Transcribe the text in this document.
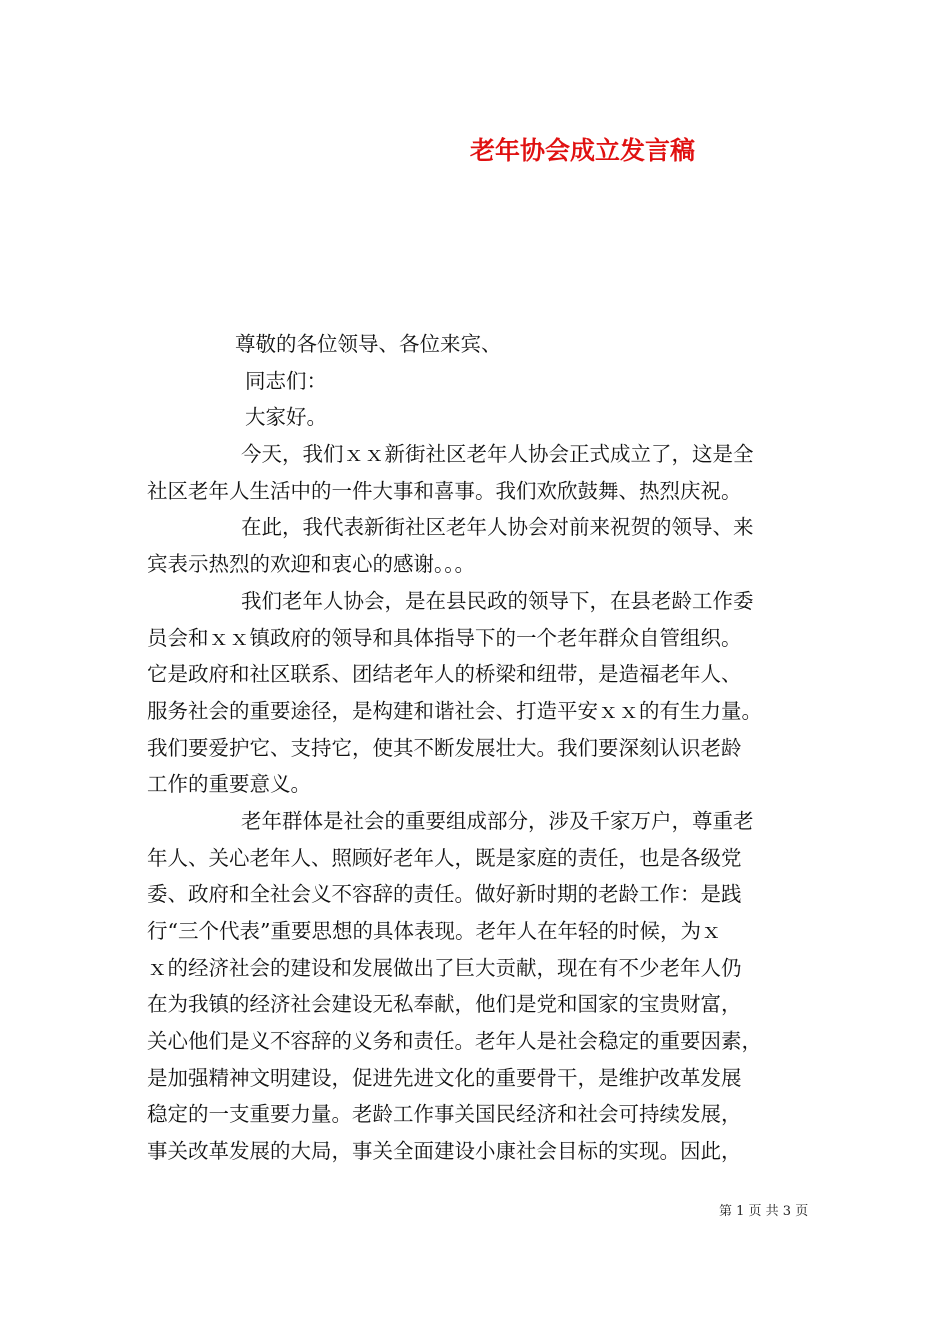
老年协会成立发言稿
尊敬的各位领导、各位来宾、
同志们：
大家好。
今天，我们ｘｘ新街社区老年人协会正式成立了，这是全
社区老年人生活中的一件大事和喜事。我们欢欣鼓舞、热烈庆祝。
在此，我代表新街社区老年人协会对前来祝贺的领导、来
宾表示热烈的欢迎和衷心的感谢。。。
我们老年人协会，是在县民政的领导下，在县老龄工作委
员会和ｘｘ镇政府的领导和具体指导下的一个老年群众自管组织。
它是政府和社区联系、团结老年人的桥梁和纽带，是造福老年人、
服务社会的重要途径，是构建和谐社会、打造平安ｘｘ的有生力量。
我们要爱护它、支持它，使其不断发展壮大。我们要深刻认识老龄
工作的重要意义。
老年群体是社会的重要组成部分，涉及千家万户，尊重老
年人、关心老年人、照顾好老年人，既是家庭的责任，也是各级党
委、政府和全社会义不容辞的责任。做好新时期的老龄工作：是践
行“三个代表”重要思想的具体表现。老年人在年轻的时候，为ｘ
ｘ的经济社会的建设和发展做出了巨大贡献，现在有不少老年人仍
在为我镇的经济社会建设无私奉献，他们是党和国家的宝贵财富，
关心他们是义不容辞的义务和责任。老年人是社会稳定的重要因素，
是加强精神文明建设，促进先进文化的重要骨干，是维护改革发展
稳定的一支重要力量。老龄工作事关国民经济和社会可持续发展，
事关改革发展的大局，事关全面建设小康社会目标的实现。因此，
第 1 页 共 3 页
